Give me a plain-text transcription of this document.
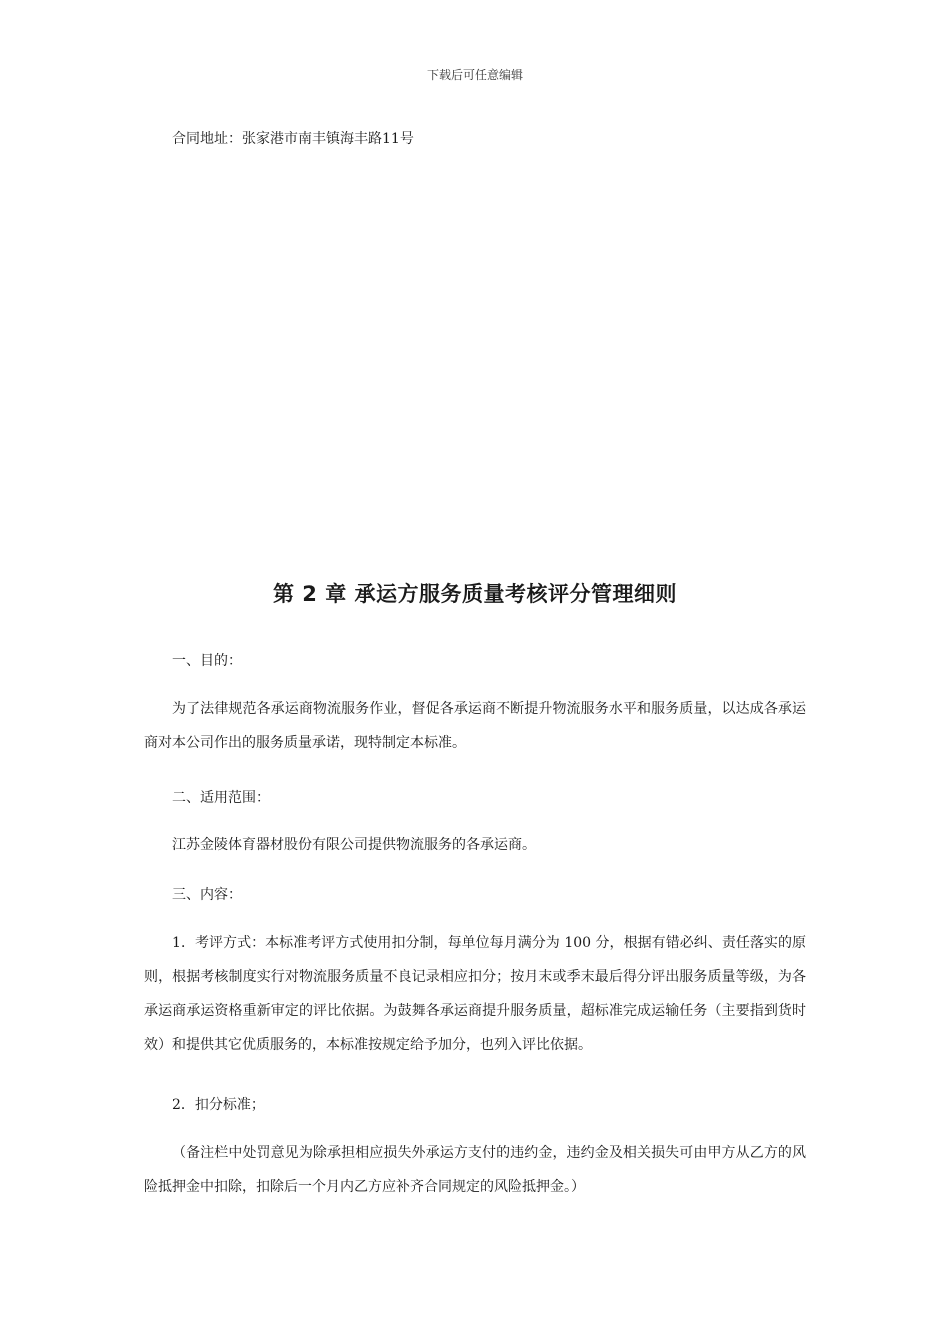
下载后可任意编辑
合同地址：张家港市南丰镇海丰路11号
第 2 章 承运方服务质量考核评分管理细则
一、目的：
为了法律规范各承运商物流服务作业，督促各承运商不断提升物流服务水平和服务质量，以达成各承运商对本公司作出的服务质量承诺，现特制定本标准。
二、适用范围：
江苏金陵体育器材股份有限公司提供物流服务的各承运商。
三、内容：
1．考评方式：本标准考评方式使用扣分制，每单位每月满分为 100 分，根据有错必纠、责任落实的原则，根据考核制度实行对物流服务质量不良记录相应扣分；按月末或季末最后得分评出服务质量等级，为各承运商承运资格重新审定的评比依据。为鼓舞各承运商提升服务质量，超标准完成运输任务（主要指到货时效）和提供其它优质服务的，本标准按规定给予加分，也列入评比依据。
2．扣分标准；
（备注栏中处罚意见为除承担相应损失外承运方支付的违约金，违约金及相关损失可由甲方从乙方的风险抵押金中扣除，扣除后一个月内乙方应补齐合同规定的风险抵押金。）
